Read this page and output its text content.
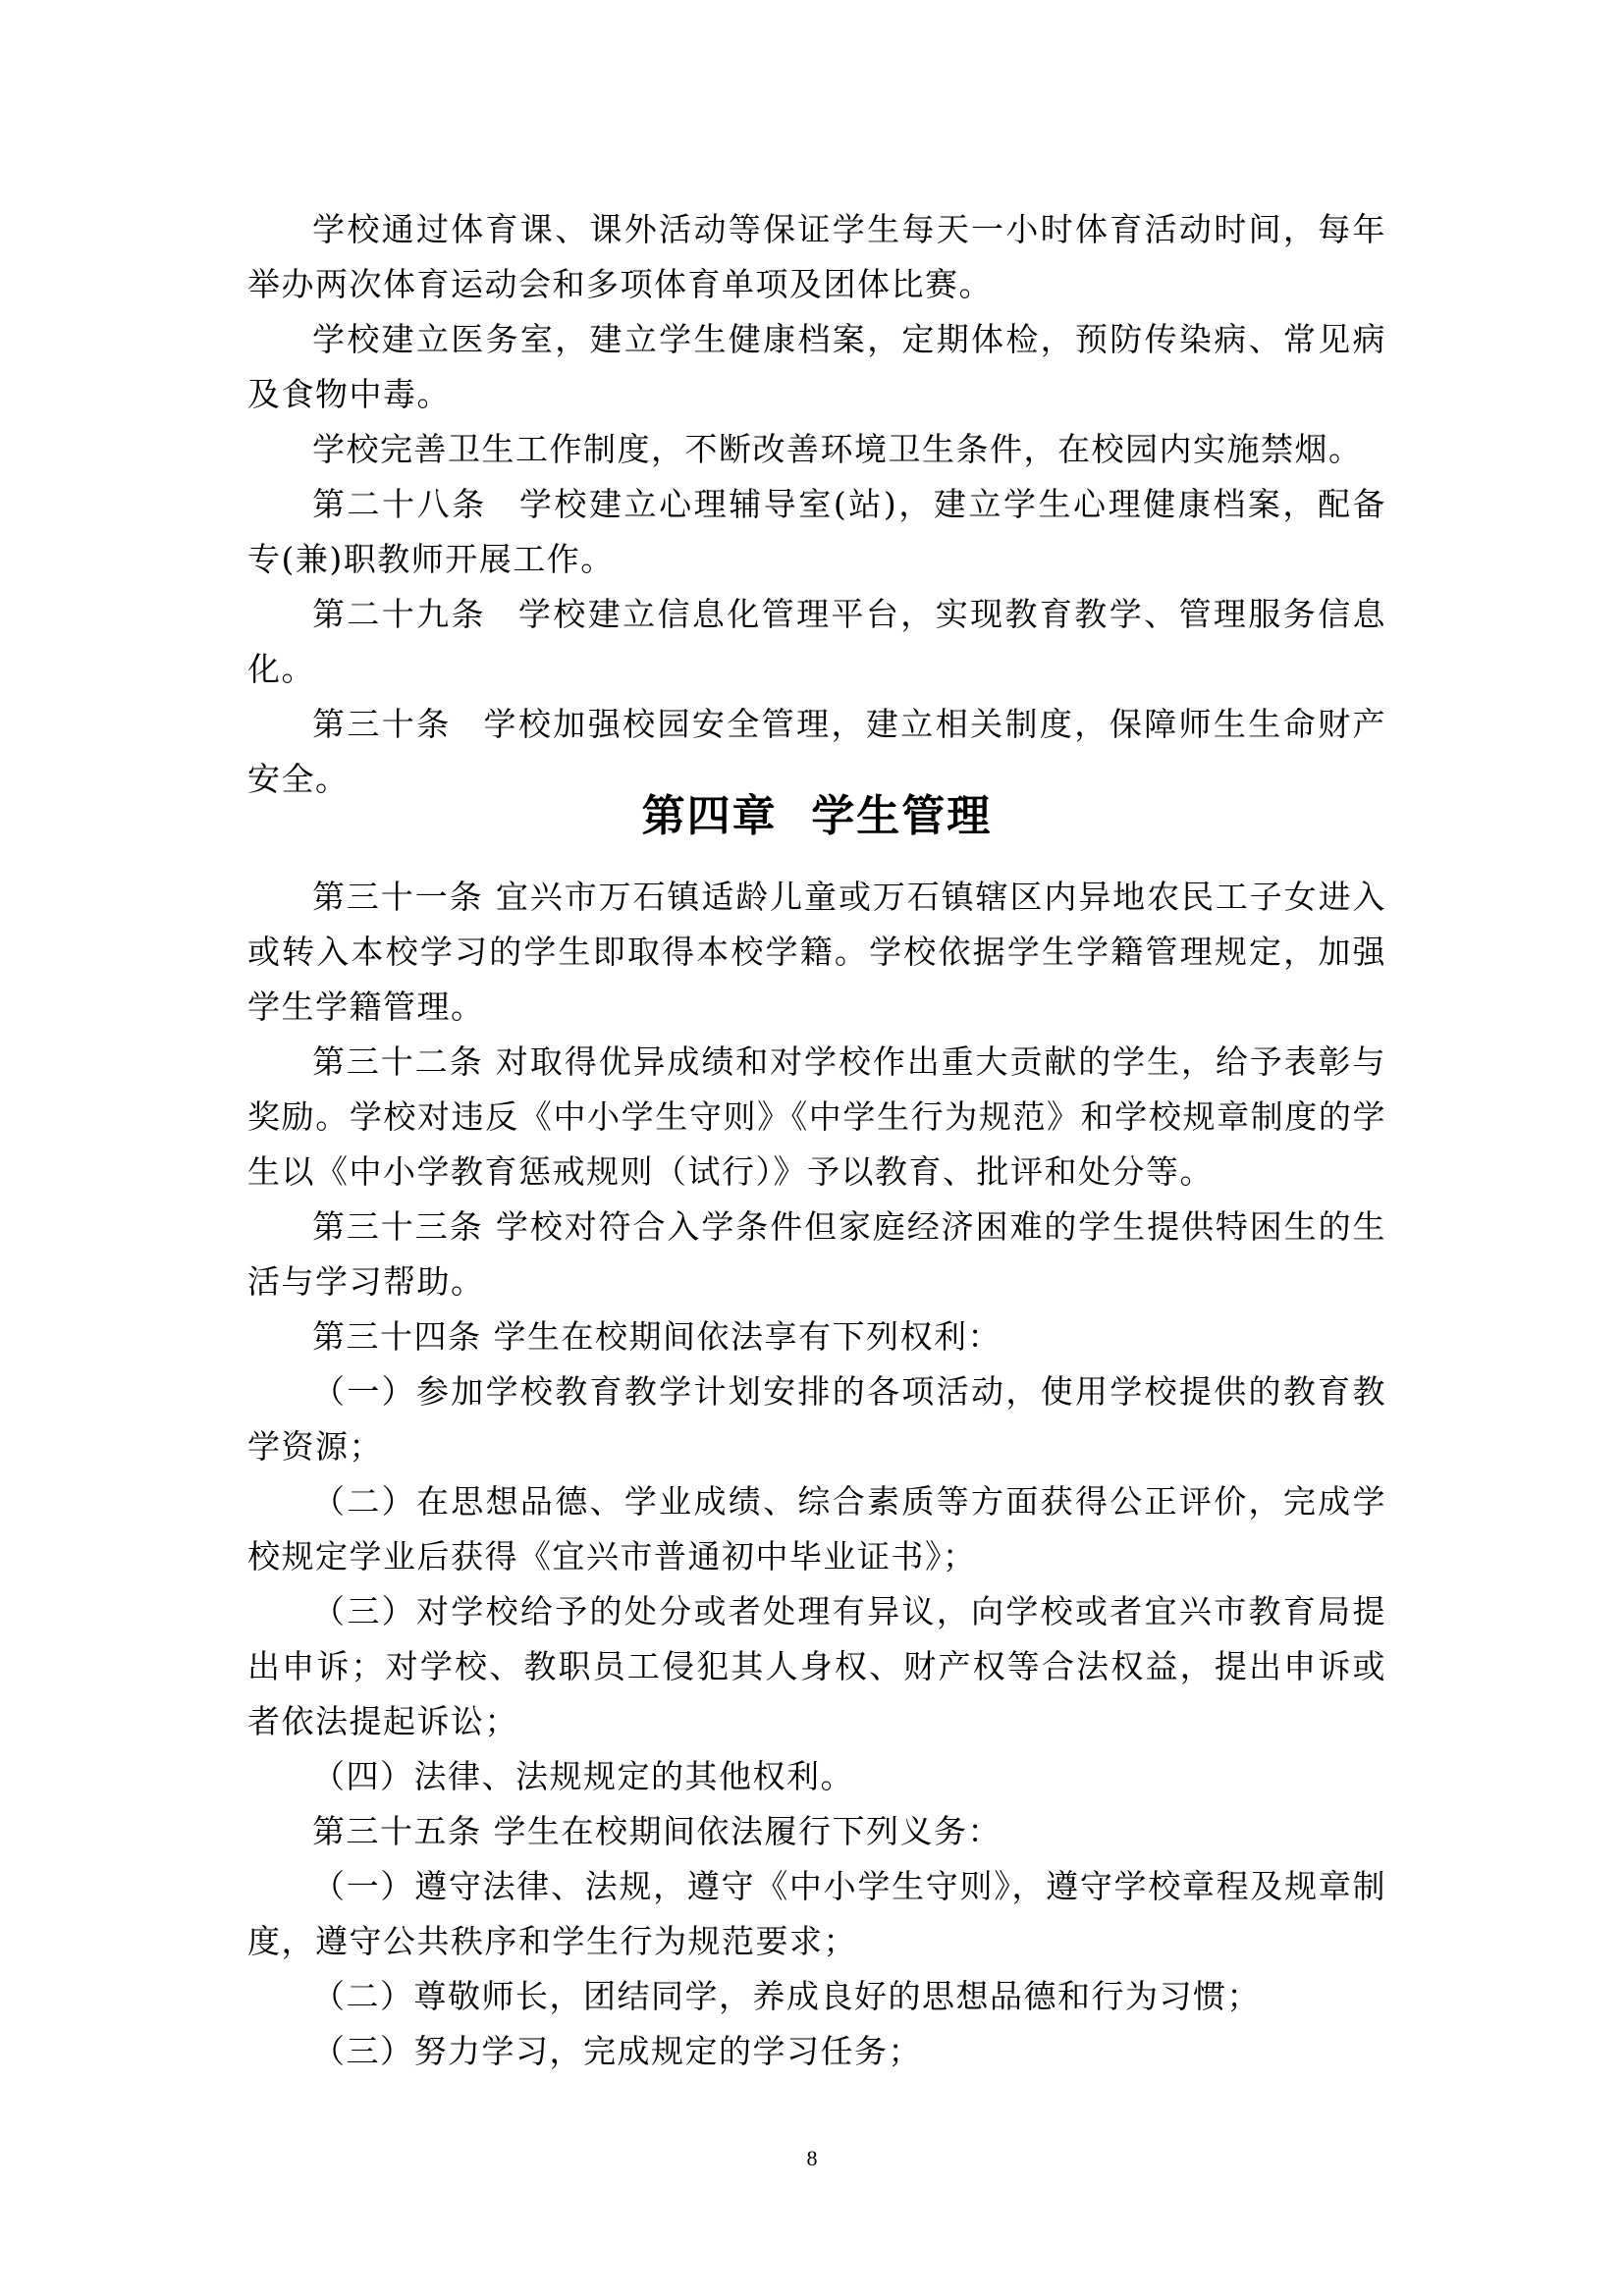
学校通过体育课、课外活动等保证学生每天一小时体育活动时间，每年举办两次体育运动会和多项体育单项及团体比赛。

学校建立医务室，建立学生健康档案，定期体检，预防传染病、常见病及食物中毒。

学校完善卫生工作制度，不断改善环境卫生条件，在校园内实施禁烟。

第二十八条 学校建立心理辅导室(站)，建立学生心理健康档案，配备专(兼)职教师开展工作。

第二十九条 学校建立信息化管理平台，实现教育教学、管理服务信息化。

第三十条 学校加强校园安全管理，建立相关制度，保障师生生命财产安全。

第四章  学生管理

第三十一条 宜兴市万石镇适龄儿童或万石镇辖区内异地农民工子女进入或转入本校学习的学生即取得本校学籍。学校依据学生学籍管理规定，加强学生学籍管理。

第三十二条 对取得优异成绩和对学校作出重大贡献的学生，给予表彰与奖励。学校对违反《中小学生守则》《中学生行为规范》和学校规章制度的学生以《中小学教育惩戒规则（试行）》予以教育、批评和处分等。

第三十三条 学校对符合入学条件但家庭经济困难的学生提供特困生的生活与学习帮助。

第三十四条 学生在校期间依法享有下列权利：

（一）参加学校教育教学计划安排的各项活动，使用学校提供的教育教学资源；

（二）在思想品德、学业成绩、综合素质等方面获得公正评价，完成学校规定学业后获得《宜兴市普通初中毕业证书》；

（三）对学校给予的处分或者处理有异议，向学校或者宜兴市教育局提出申诉；对学校、教职员工侵犯其人身权、财产权等合法权益，提出申诉或者依法提起诉讼；

（四）法律、法规规定的其他权利。

第三十五条 学生在校期间依法履行下列义务：

（一）遵守法律、法规，遵守《中小学生守则》，遵守学校章程及规章制度，遵守公共秩序和学生行为规范要求；

（二）尊敬师长，团结同学，养成良好的思想品德和行为习惯；

（三）努力学习，完成规定的学习任务；

8
